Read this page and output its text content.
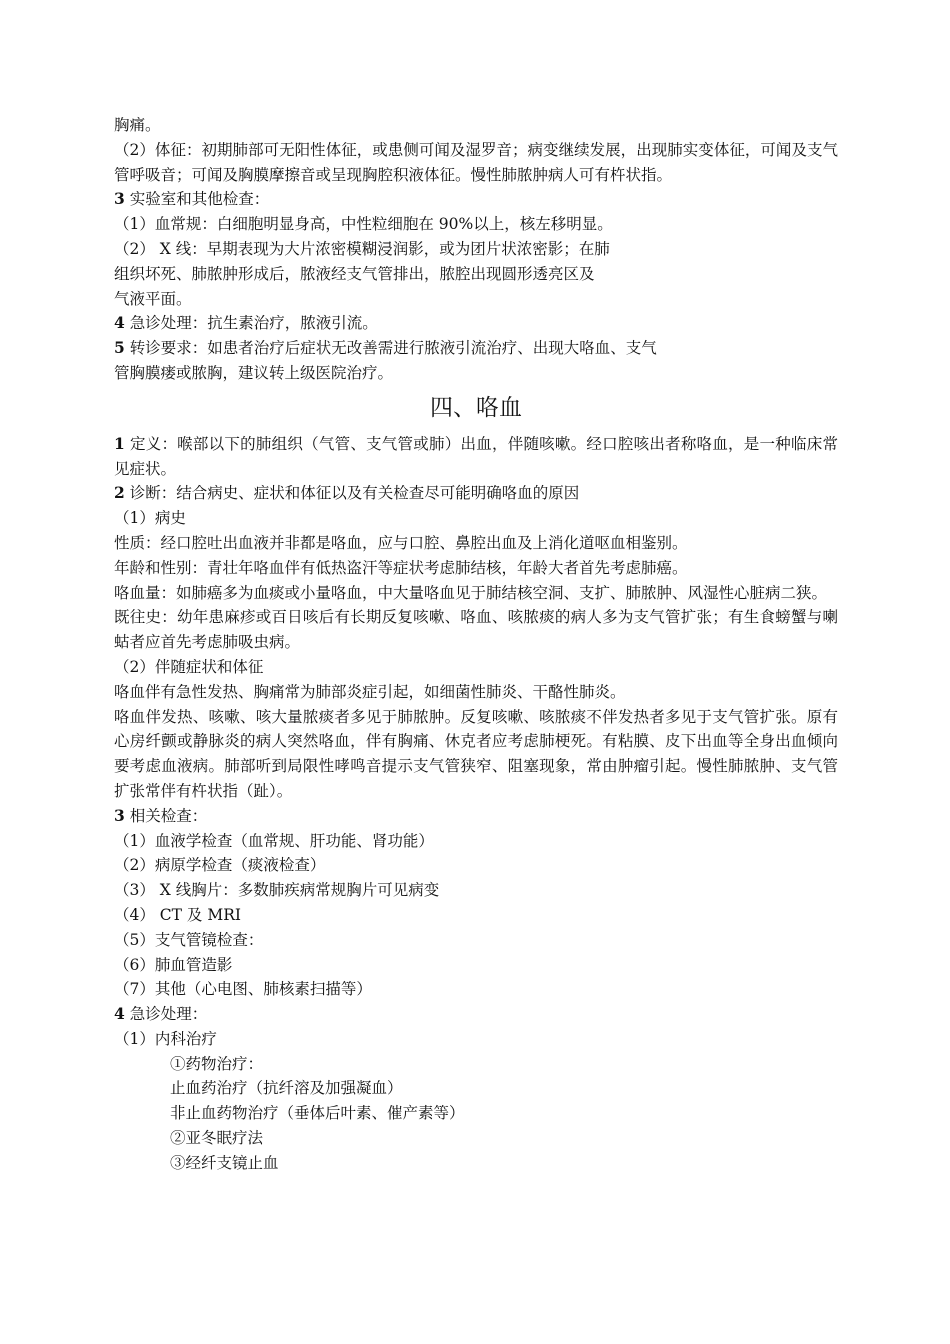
胸痛。
（2）体征：初期肺部可无阳性体征，或患侧可闻及湿罗音；病变继续发展，出现肺实变体征，可闻及支气管呼吸音；可闻及胸膜摩擦音或呈现胸腔积液体征。慢性肺脓肿病人可有杵状指。
3 实验室和其他检查：
（1）血常规：白细胞明显身高，中性粒细胞在 90%以上，核左移明显。
（2） X 线：早期表现为大片浓密模糊浸润影，或为团片状浓密影；在肺
组织坏死、肺脓肿形成后，脓液经支气管排出，脓腔出现圆形透亮区及
气液平面。
4 急诊处理：抗生素治疗，脓液引流。
5 转诊要求：如患者治疗后症状无改善需进行脓液引流治疗、出现大咯血、支气
管胸膜瘘或脓胸，建议转上级医院治疗。
四、咯血
1 定义：喉部以下的肺组织（气管、支气管或肺）出血，伴随咳嗽。经口腔咳出者称咯血，是一种临床常见症状。
2 诊断：结合病史、症状和体征以及有关检查尽可能明确咯血的原因
（1）病史
性质：经口腔吐出血液并非都是咯血，应与口腔、鼻腔出血及上消化道呕血相鉴别。
年龄和性别：青壮年咯血伴有低热盗汗等症状考虑肺结核，年龄大者首先考虑肺癌。
咯血量：如肺癌多为血痰或小量咯血，中大量咯血见于肺结核空洞、支扩、肺脓肿、风湿性心脏病二狭。
既往史：幼年患麻疹或百日咳后有长期反复咳嗽、咯血、咳脓痰的病人多为支气管扩张；有生食螃蟹与喇蛄者应首先考虑肺吸虫病。
（2）伴随症状和体征
咯血伴有急性发热、胸痛常为肺部炎症引起，如细菌性肺炎、干酪性肺炎。
咯血伴发热、咳嗽、咳大量脓痰者多见于肺脓肿。反复咳嗽、咳脓痰不伴发热者多见于支气管扩张。原有心房纤颤或静脉炎的病人突然咯血，伴有胸痛、休克者应考虑肺梗死。有粘膜、皮下出血等全身出血倾向要考虑血液病。肺部听到局限性哮鸣音提示支气管狭窄、阻塞现象，常由肿瘤引起。慢性肺脓肿、支气管扩张常伴有杵状指（趾）。
3 相关检查：
（1）血液学检查（血常规、肝功能、肾功能）
（2）病原学检查（痰液检查）
（3） X 线胸片：多数肺疾病常规胸片可见病变
（4） CT 及 MRI
（5）支气管镜检查：
（6）肺血管造影
（7）其他（心电图、肺核素扫描等）
4 急诊处理：
（1）内科治疗
①药物治疗：
止血药治疗（抗纤溶及加强凝血）
非止血药物治疗（垂体后叶素、催产素等）
②亚冬眠疗法
③经纤支镜止血
